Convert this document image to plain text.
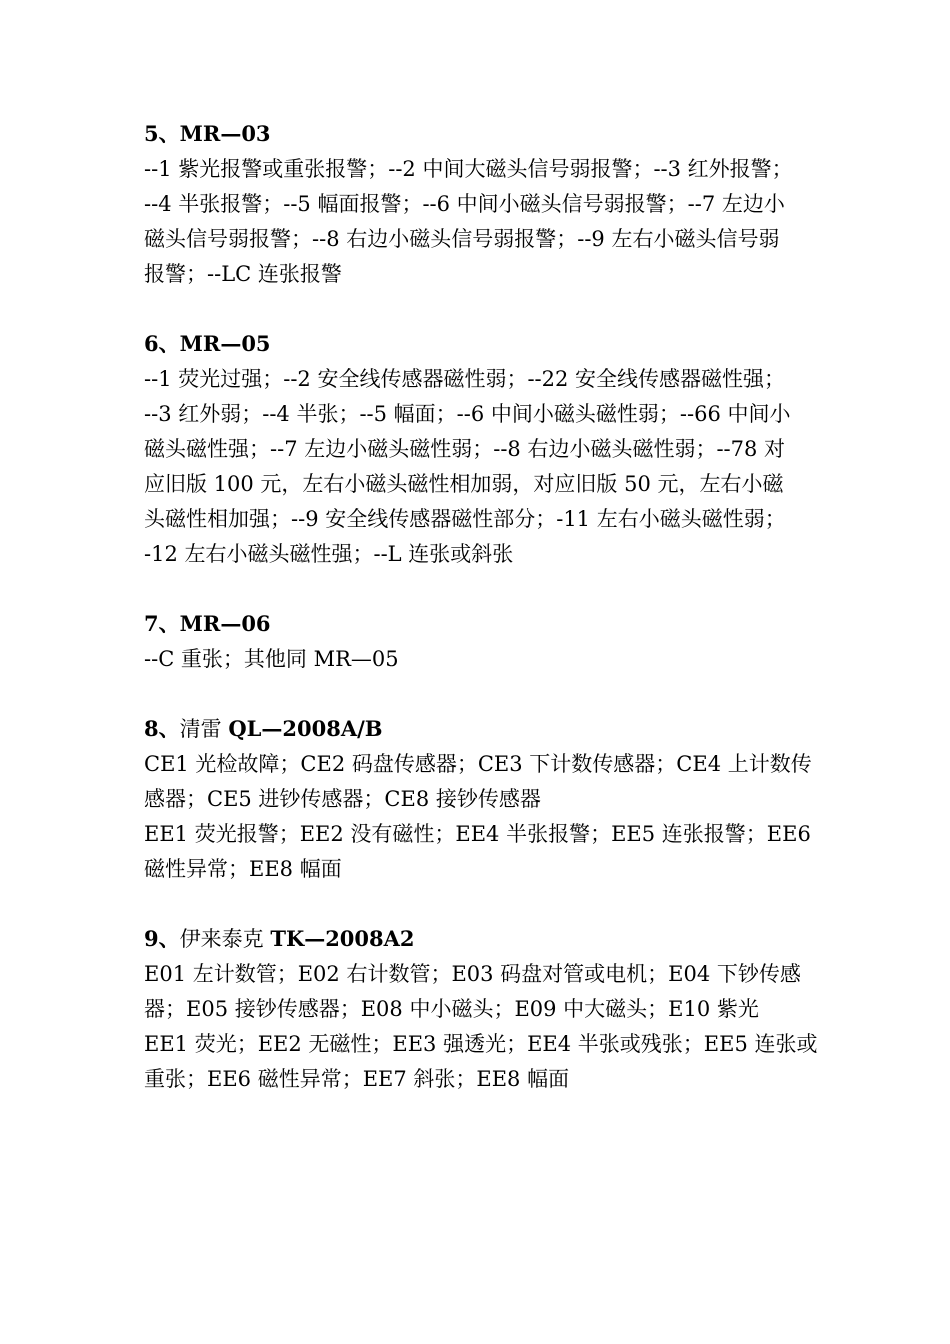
5、MR—03
--1 紫光报警或重张报警；--2 中间大磁头信号弱报警；--3 红外报警；
--4 半张报警；--5 幅面报警；--6 中间小磁头信号弱报警；--7 左边小
磁头信号弱报警；--8 右边小磁头信号弱报警；--9 左右小磁头信号弱
报警；--LC 连张报警
6、MR—05
--1 荧光过强；--2 安全线传感器磁性弱；--22 安全线传感器磁性强；
--3 红外弱；--4 半张；--5 幅面；--6 中间小磁头磁性弱；--66 中间小
磁头磁性强；--7 左边小磁头磁性弱；--8 右边小磁头磁性弱；--78 对
应旧版 100 元，左右小磁头磁性相加弱，对应旧版 50 元，左右小磁
头磁性相加强；--9 安全线传感器磁性部分；-11 左右小磁头磁性弱；
-12 左右小磁头磁性强；--L 连张或斜张
7、MR—06
--C 重张；其他同 MR—05
8、清雷 QL—2008A/B
CE1 光检故障；CE2 码盘传感器；CE3 下计数传感器；CE4 上计数传
感器；CE5 进钞传感器；CE8 接钞传感器
EE1 荧光报警；EE2 没有磁性；EE4 半张报警；EE5 连张报警；EE6
磁性异常；EE8 幅面
9、伊来泰克 TK—2008A2
E01 左计数管；E02 右计数管；E03 码盘对管或电机；E04 下钞传感
器；E05 接钞传感器；E08 中小磁头；E09 中大磁头；E10 紫光
EE1 荧光；EE2 无磁性；EE3 强透光；EE4 半张或残张；EE5 连张或
重张；EE6 磁性异常；EE7 斜张；EE8 幅面
